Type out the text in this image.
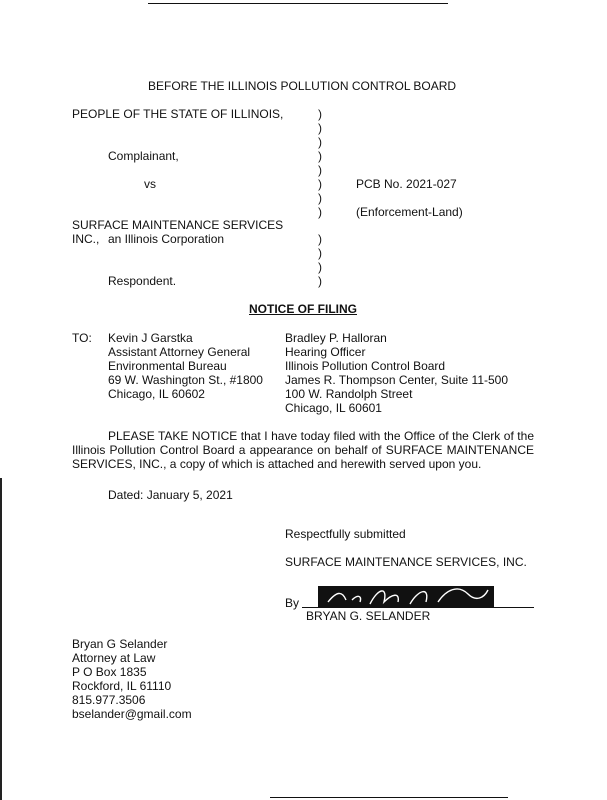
BEFORE THE ILLINOIS POLLUTION CONTROL BOARD
PEOPLE OF THE STATE OF ILLINOIS,
Complainant,
vs
SURFACE MAINTENANCE SERVICES
INC., an Illinois Corporation
Respondent.
)
)
)
)
)
)
)
)
)
)
)
)
PCB No. 2021-027
(Enforcement-Land)
NOTICE OF FILING
TO: Kevin J Garstka
Assistant Attorney General
Environmental Bureau
69 W. Washington St., #1800
Chicago, IL 60602
Bradley P. Halloran
Hearing Officer
Illinois Pollution Control Board
James R. Thompson Center, Suite 11-500
100 W. Randolph Street
Chicago, IL 60601
PLEASE TAKE NOTICE that I have today filed with the Office of the Clerk of the Illinois Pollution Control Board a appearance on behalf of SURFACE MAINTENANCE SERVICES, INC., a copy of which is attached and herewith served upon you.
Dated: January 5, 2021
Respectfully submitted
SURFACE MAINTENANCE SERVICES, INC.
By
BRYAN G. SELANDER
Bryan G Selander
Attorney at Law
P O Box 1835
Rockford, IL 61110
815.977.3506
bselander@gmail.com
